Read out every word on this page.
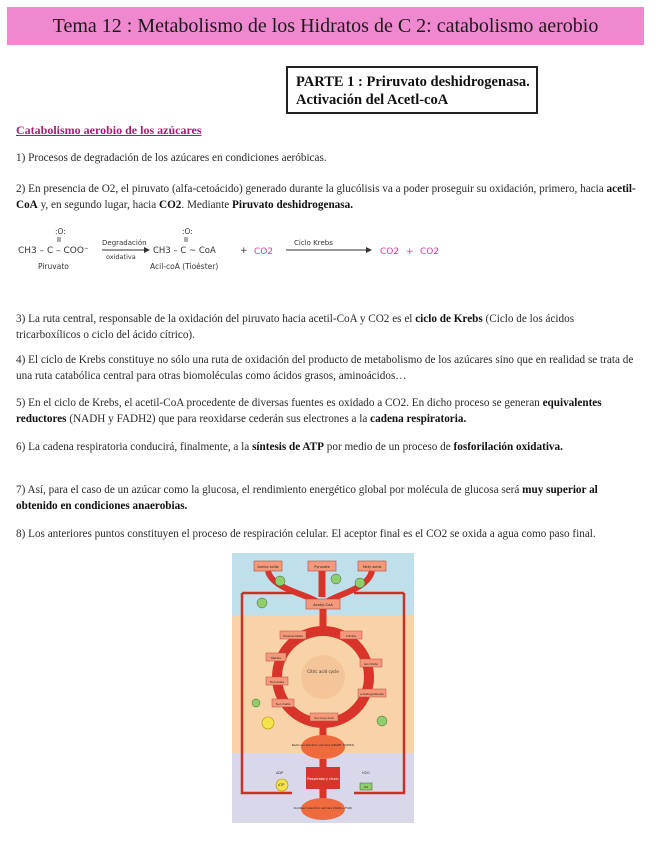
Tema 12 : Metabolismo de los Hidratos de C 2: catabolismo aerobio
PARTE 1 : Priruvato deshidrogenasa.
Activación del Acetl-coA
Catabolismo aerobio de los azúcares
1) Procesos de degradación de los azúcares en condiciones aeróbicas.
2) En presencia de O2, el piruvato (alfa-cetoácido) generado durante la glucólisis va a poder proseguir su oxidación, primero, hacia acetil-CoA y, en segundo lugar, hacia CO2. Mediante Piruvato deshidrogenasa.
:O:
CH3 – C – COO⁻
Piruvato
Degradación
oxidativa
:O:
CH3 – C ~ CoA
Acil-coA (Tioéster)
+ CO2
Ciclo Krebs
CO2 + CO2
3) La ruta central, responsable de la oxidación del piruvato hacia acetil-CoA y CO2 es el ciclo de Krebs (Ciclo de los ácidos tricarboxílicos o ciclo del ácido cítrico).
4) El ciclo de Krebs constituye no sólo una ruta de oxidación del producto de metabolismo de los azúcares sino que en realidad se trata de una ruta catabólica central para otras biomoléculas como ácidos grasos, aminoácidos…
5) En el ciclo de Krebs, el acetil-CoA procedente de diversas fuentes es oxidado a CO2. En dicho proceso se generan equivalentes reductores (NADH y FADH2) que para reoxidarse cederán sus electrones a la cadena respiratoria.
6) La cadena respiratoria conducirá, finalmente, a la síntesis de ATP por medio de un proceso de fosforilación oxidativa.
7) Así, para el caso de un azúcar como la glucosa, el rendimiento energético global por molécula de glucosa será muy superior al obtenido en condiciones anaerobias.
8) Los anteriores puntos constituyen el proceso de respiración celular. El aceptor final es el CO2 se oxida a agua como paso final.
Amino acids	Pyruvate	Fatty acids
Acetyl-CoA
Citric acid cycle
Oxaloacetate	Citrate
Malate
Isocitrate
Fumarate
α-Ketoglutarate
Succinate
Succinyl-CoA
Reduced electron carriers (NADH, FADH2)
Respiratory chain
ADP
ATP
H2O
O2
Oxidized electron carriers (NAD+, FAD)
